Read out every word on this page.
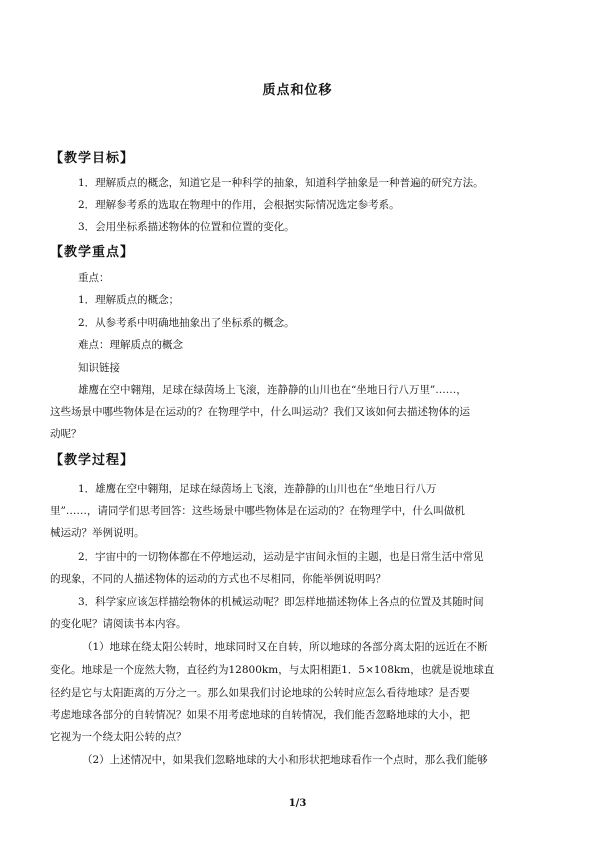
质点和位移
【教学目标】
1．理解质点的概念，知道它是一种科学的抽象，知道科学抽象是一种普遍的研究方法。
2．理解参考系的选取在物理中的作用，会根据实际情况选定参考系。
3．会用坐标系描述物体的位置和位置的变化。
【教学重点】
重点：
1．理解质点的概念；
2．从参考系中明确地抽象出了坐标系的概念。
难点：理解质点的概念
知识链接
雄鹰在空中翱翔，足球在绿茵场上飞滚，连静静的山川也在“坐地日行八万里”……，
这些场景中哪些物体是在运动的？在物理学中，什么叫运动？我们又该如何去描述物体的运
动呢？
【教学过程】
1．雄鹰在空中翱翔，足球在绿茵场上飞滚，连静静的山川也在“坐地日行八万
里”……，请同学们思考回答：这些场景中哪些物体是在运动的？在物理学中，什么叫做机
械运动？举例说明。
2．宇宙中的一切物体都在不停地运动，运动是宇宙间永恒的主题，也是日常生活中常见
的现象，不同的人描述物体的运动的方式也不尽相同，你能举例说明吗？
3．科学家应该怎样描绘物体的机械运动呢？即怎样地描述物体上各点的位置及其随时间
的变化呢？请阅读书本内容。
（1）地球在绕太阳公转时，地球同时又在自转，所以地球的各部分离太阳的远近在不断
变化。地球是一个庞然大物，直径约为12800km，与太阳相距1．5×108km，也就是说地球直
径约是它与太阳距离的万分之一。那么如果我们讨论地球的公转时应怎么看待地球？是否要
考虑地球各部分的自转情况？如果不用考虑地球的自转情况，我们能否忽略地球的大小，把
它视为一个绕太阳公转的点？
（2）上述情况中，如果我们忽略地球的大小和形状把地球看作一个点时，那么我们能够
1/3
